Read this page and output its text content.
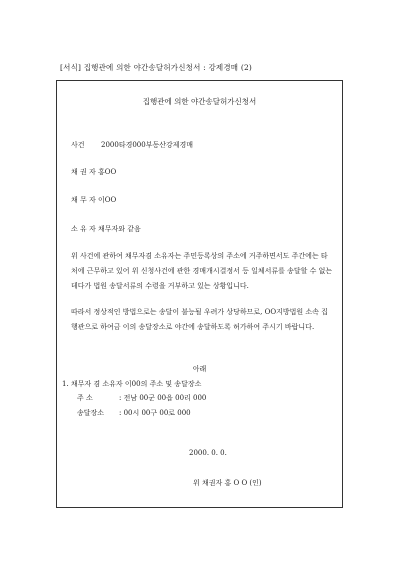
[서식] 집행관에 의한 야간송달허가신청서 : 강제경매 (2)
집행관에 의한 야간송달허가신청서
사건 2000타경000부동산강제경매
채 권 자 홍OO
채 무 자 이OO
소 유 자 채무자와 같음
위 사건에 관하여 채무자겸 소유자는 주민등록상의 주소에 거주하면서도 주간에는 타처에 근무하고 있어 위 신청사건에 관한 경매개시결정서 등 일체서류를 송달할 수 없는데다가 법원 송달서류의 수령을 거부하고 있는 상황입니다.
따라서 정상적인 방법으로는 송달이 불능될 우려가 상당하므로, OO지방법원 소속 집행관으로 하여금 이의 송달장소로 야간에 송달하도록 허가하여 주시기 바랍니다.
아래
1. 채무자 겸 소유자 이00의 주소 및 송달장소
주 소	: 전남 00군 00읍 00리 000
송달장소 : 00시 00구 00로 000
2000. 0. 0.
위 채권자 홍 O O (인)
